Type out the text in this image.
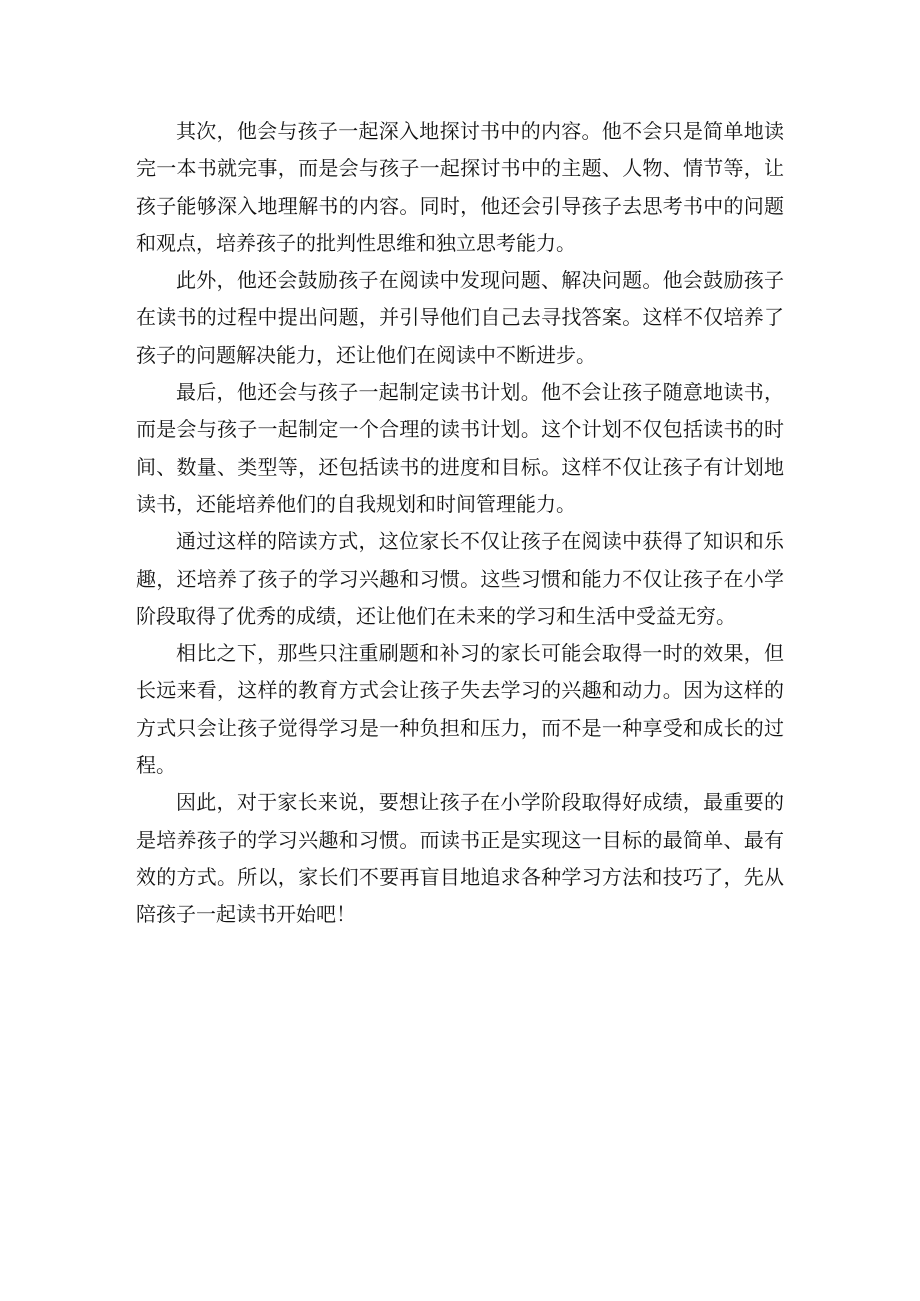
其次，他会与孩子一起深入地探讨书中的内容。他不会只是简单地读完一本书就完事，而是会与孩子一起探讨书中的主题、人物、情节等，让孩子能够深入地理解书的内容。同时，他还会引导孩子去思考书中的问题和观点，培养孩子的批判性思维和独立思考能力。

此外，他还会鼓励孩子在阅读中发现问题、解决问题。他会鼓励孩子在读书的过程中提出问题，并引导他们自己去寻找答案。这样不仅培养了孩子的问题解决能力，还让他们在阅读中不断进步。

最后，他还会与孩子一起制定读书计划。他不会让孩子随意地读书，而是会与孩子一起制定一个合理的读书计划。这个计划不仅包括读书的时间、数量、类型等，还包括读书的进度和目标。这样不仅让孩子有计划地读书，还能培养他们的自我规划和时间管理能力。

通过这样的陪读方式，这位家长不仅让孩子在阅读中获得了知识和乐趣，还培养了孩子的学习兴趣和习惯。这些习惯和能力不仅让孩子在小学阶段取得了优秀的成绩，还让他们在未来的学习和生活中受益无穷。

相比之下，那些只注重刷题和补习的家长可能会取得一时的效果，但长远来看，这样的教育方式会让孩子失去学习的兴趣和动力。因为这样的方式只会让孩子觉得学习是一种负担和压力，而不是一种享受和成长的过程。

因此，对于家长来说，要想让孩子在小学阶段取得好成绩，最重要的是培养孩子的学习兴趣和习惯。而读书正是实现这一目标的最简单、最有效的方式。所以，家长们不要再盲目地追求各种学习方法和技巧了，先从陪孩子一起读书开始吧！
